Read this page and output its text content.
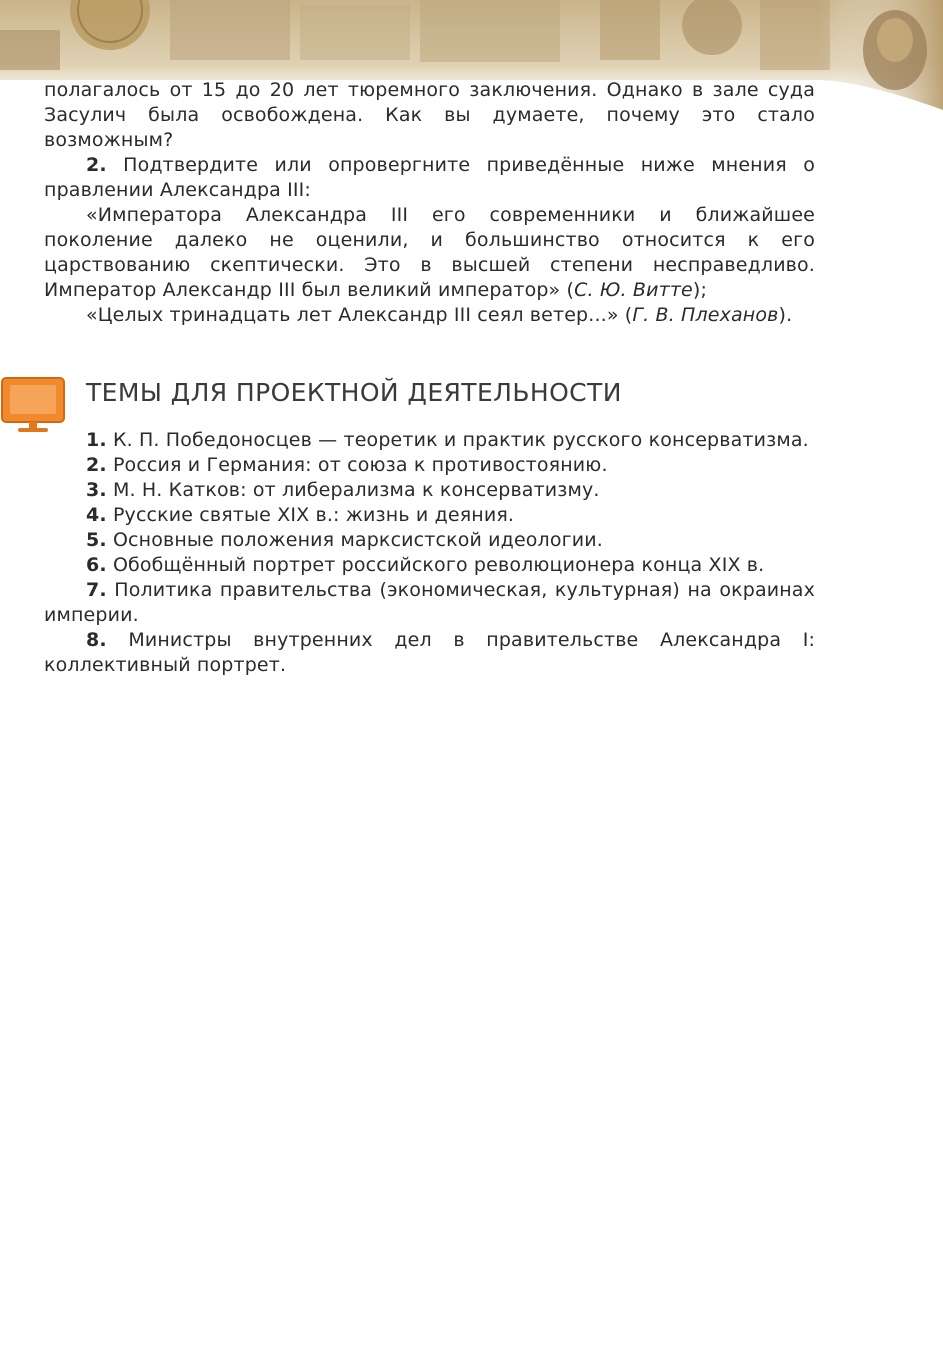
полагалось от 15 до 20 лет тюремного заключения. Однако в зале суда Засулич была освобождена. Как вы думаете, почему это стало возможным?

2. Подтвердите или опровергните приведённые ниже мнения о правлении Александра III:

«Императора Александра III его современники и ближайшее поколение далеко не оценили, и большинство относится к его царствованию скептически. Это в высшей степени несправедливо. Император Александр III был великий император» (С. Ю. Витте);

«Целых тринадцать лет Александр III сеял ветер...» (Г. В. Плеханов).

ТЕМЫ ДЛЯ ПРОЕКТНОЙ ДЕЯТЕЛЬНОСТИ

1. К. П. Победоносцев — теоретик и практик русского консерватизма.

2. Россия и Германия: от союза к противостоянию.

3. М. Н. Катков: от либерализма к консерватизму.

4. Русские святые XIX в.: жизнь и деяния.

5. Основные положения марксистской идеологии.

6. Обобщённый портрет российского революционера конца XIX в.

7. Политика правительства (экономическая, культурная) на окраинах империи.

8. Министры внутренних дел в правительстве Александра I: коллективный портрет.
